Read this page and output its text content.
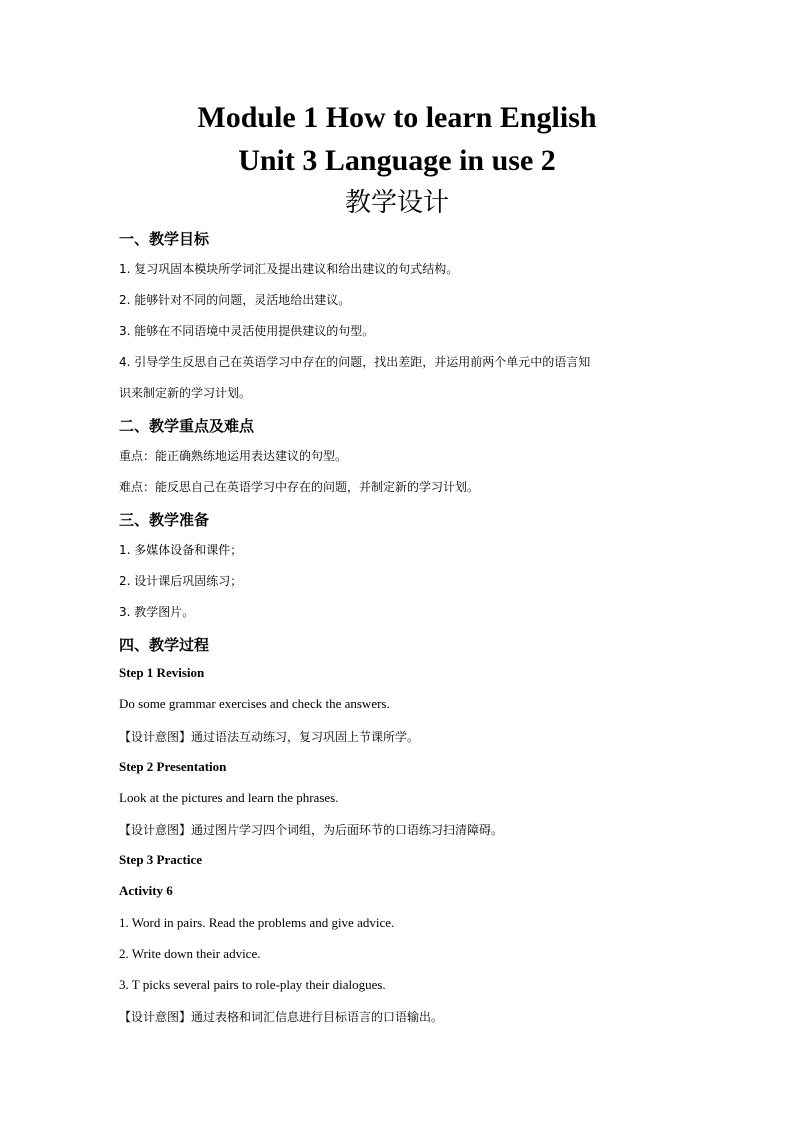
Module 1 How to learn English
Unit 3 Language in use 2
教学设计
一、教学目标
1. 复习巩固本模块所学词汇及提出建议和给出建议的句式结构。
2. 能够针对不同的问题，灵活地给出建议。
3. 能够在不同语境中灵活使用提供建议的句型。
4. 引导学生反思自己在英语学习中存在的问题，找出差距，并运用前两个单元中的语言知
识来制定新的学习计划。
二、教学重点及难点
重点：能正确熟练地运用表达建议的句型。
难点：能反思自己在英语学习中存在的问题，并制定新的学习计划。
三、教学准备
1. 多媒体设备和课件；
2. 设计课后巩固练习；
3. 教学图片。
四、教学过程
Step 1 Revision
Do some grammar exercises and check the answers.
【设计意图】通过语法互动练习，复习巩固上节课所学。
Step 2 Presentation
Look at the pictures and learn the phrases.
【设计意图】通过图片学习四个词组，为后面环节的口语练习扫清障碍。
Step 3 Practice
Activity 6
1. Word in pairs. Read the problems and give advice.
2. Write down their advice.
3. T picks several pairs to role-play their dialogues.
【设计意图】通过表格和词汇信息进行目标语言的口语输出。
